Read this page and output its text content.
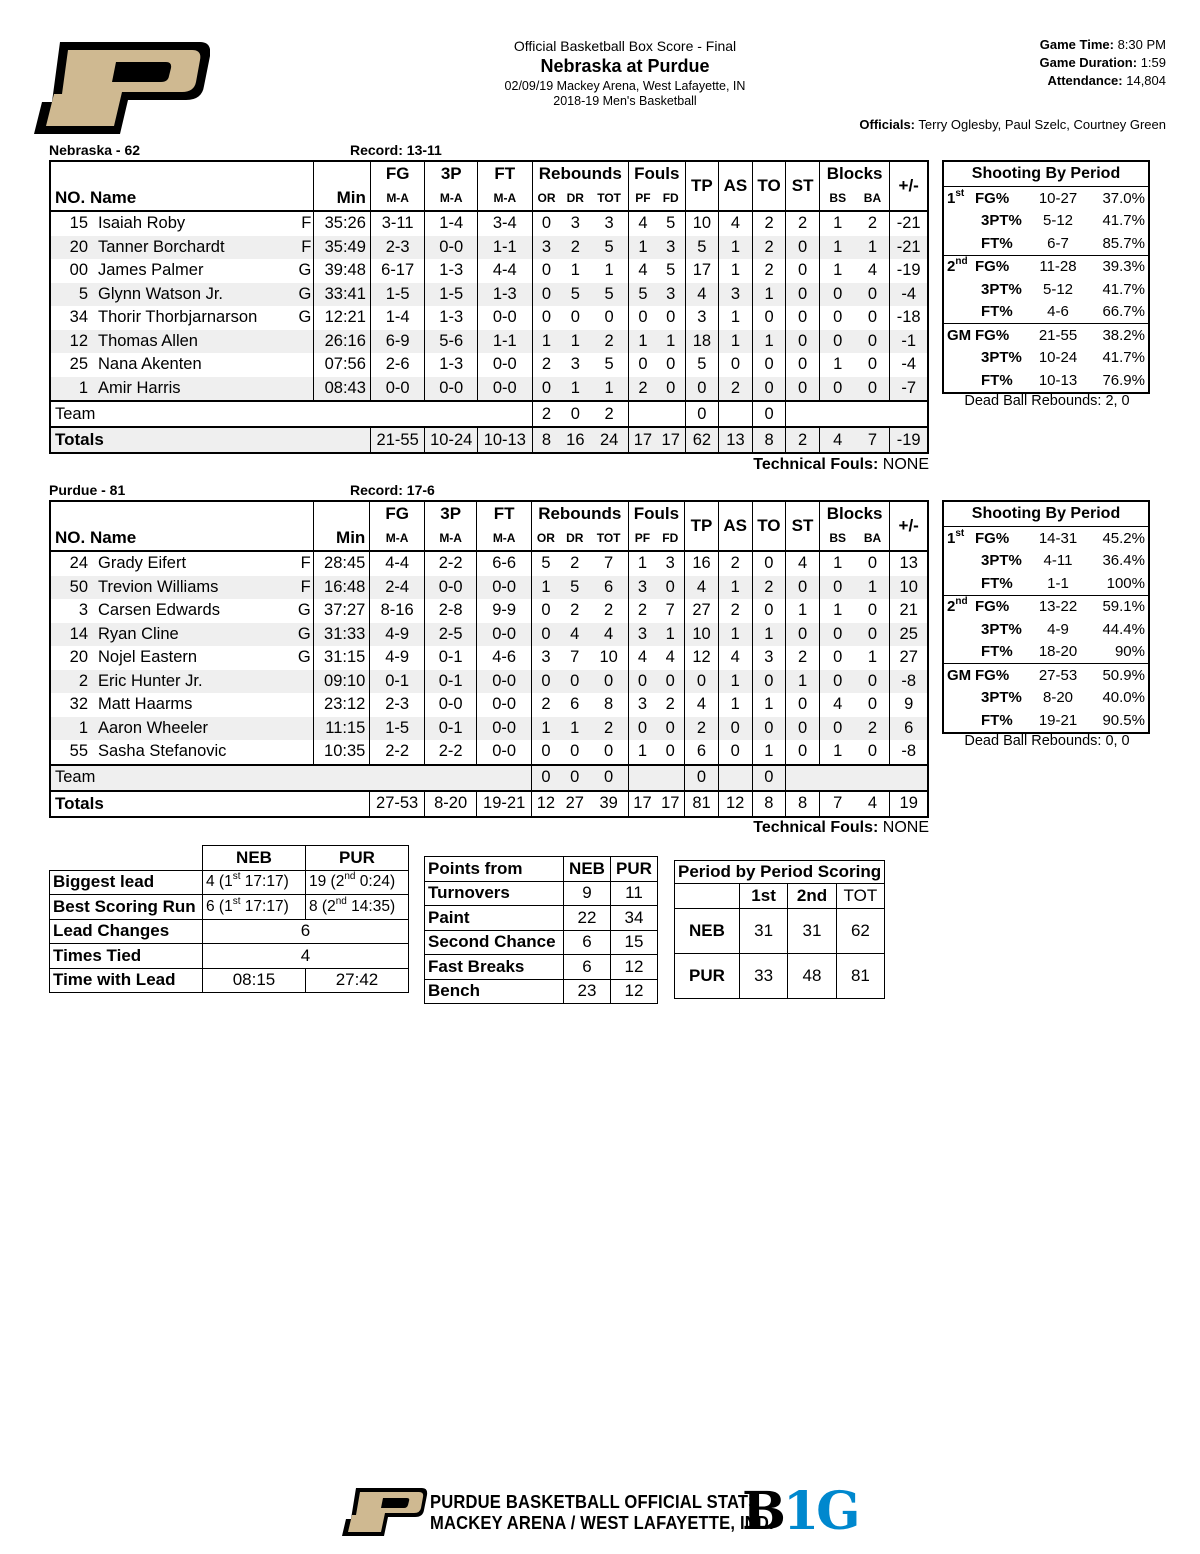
Official Basketball Box Score - Final
Nebraska at Purdue
02/09/19 Mackey Arena, West Lafayette, IN
2018-19 Men's Basketball
Game Time: 8:30 PM
Game Duration: 1:59
Attendance: 14,804
Officials: Terry Oglesby, Paul Szelc, Courtney Green
Nebraska - 62	Record: 13-11
NO. Name		Min	FG	3P	FT	Rebounds			Fouls		TP	AS	TO	ST	Blocks		+/-
			M-A	M-A	M-A	OR	DR	TOT	PF	FD					BS	BA	
15 Isaiah Roby	F	35:26	3-11	1-4	3-4	0	3	3	4	5	10	4	2	2	1	2	-21
20 Tanner Borchardt	F	35:49	2-3	0-0	1-1	3	2	5	1	3	5	1	2	0	1	1	-21
00 James Palmer	G	39:48	6-17	1-3	4-4	0	1	1	4	5	17	1	2	0	1	4	-19
5 Glynn Watson Jr.	G	33:41	1-5	1-5	1-3	0	5	5	5	3	4	3	1	0	0	0	-4
34 Thorir Thorbjarnarson	G	12:21	1-4	1-3	0-0	0	0	0	0	0	3	1	0	0	0	0	-18
12 Thomas Allen		26:16	6-9	5-6	1-1	1	1	2	1	1	18	1	1	0	0	0	-1
25 Nana Akenten		07:56	2-6	1-3	0-0	2	3	5	0	0	5	0	0	0	1	0	-4
1 Amir Harris		08:43	0-0	0-0	0-0	0	1	1	2	0	0	2	0	0	0	0	-7
Team						2	0	2			0		0				
Totals			21-55	10-24	10-13	8	16	24	17	17	62	13	8	2	4	7	-19
Technical Fouls: NONE
Shooting By Period			
1st	FG%	10-27	37.0%
	3PT%	5-12	41.7%
	FT%	6-7	85.7%
2nd	FG%	11-28	39.3%
	3PT%	5-12	41.7%
	FT%	4-6	66.7%
GM	FG%	21-55	38.2%
	3PT%	10-24	41.7%
	FT%	10-13	76.9%
Dead Ball Rebounds: 2, 0
Purdue - 81	Record: 17-6
NO. Name		Min	FG	3P	FT	Rebounds			Fouls		TP	AS	TO	ST	Blocks		+/-
			M-A	M-A	M-A	OR	DR	TOT	PF	FD					BS	BA	
24 Grady Eifert	F	28:45	4-4	2-2	6-6	5	2	7	1	3	16	2	0	4	1	0	13
50 Trevion Williams	F	16:48	2-4	0-0	0-0	1	5	6	3	0	4	1	2	0	0	1	10
3 Carsen Edwards	G	37:27	8-16	2-8	9-9	0	2	2	2	7	27	2	0	1	1	0	21
14 Ryan Cline	G	31:33	4-9	2-5	0-0	0	4	4	3	1	10	1	1	0	0	0	25
20 Nojel Eastern	G	31:15	4-9	0-1	4-6	3	7	10	4	4	12	4	3	2	0	1	27
2 Eric Hunter Jr.		09:10	0-1	0-1	0-0	0	0	0	0	0	0	1	0	1	0	0	-8
32 Matt Haarms		23:12	2-3	0-0	0-0	2	6	8	3	2	4	1	1	0	4	0	9
1 Aaron Wheeler		11:15	1-5	0-1	0-0	1	1	2	0	0	2	0	0	0	0	2	6
55 Sasha Stefanovic		10:35	2-2	2-2	0-0	0	0	0	1	0	6	0	1	0	1	0	-8
Team						0	0	0			0		0				
Totals			27-53	8-20	19-21	12	27	39	17	17	81	12	8	8	7	4	19
Technical Fouls: NONE
Shooting By Period			
1st	FG%	14-31	45.2%
	3PT%	4-11	36.4%
	FT%	1-1	100%
2nd	FG%	13-22	59.1%
	3PT%	4-9	44.4%
	FT%	18-20	90%
GM	FG%	27-53	50.9%
	3PT%	8-20	40.0%
	FT%	19-21	90.5%
Dead Ball Rebounds: 0, 0
	NEB	PUR
Biggest lead	4 (1st 17:17)	19 (2nd 0:24)
Best Scoring Run	6 (1st 17:17)	8 (2nd 14:35)
Lead Changes	6	
Times Tied	4	
Time with Lead	08:15	27:42
Points from	NEB	PUR
Turnovers	9	11
Paint	22	34
Second Chance	6	15
Fast Breaks	6	12
Bench	23	12
Period by Period Scoring			
	1st	2nd	TOT
NEB	31	31	62
PUR	33	48	81
PURDUE BASKETBALL OFFICIAL STATS
MACKEY ARENA / WEST LAFAYETTE, IND.
B1G
